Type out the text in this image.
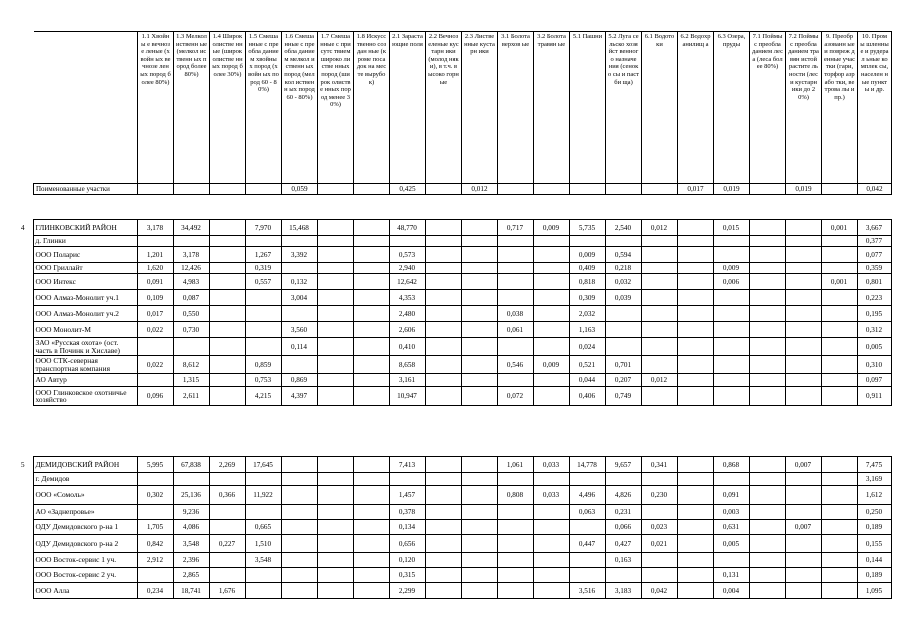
	1.1 Хвойны е вечнозе леные (хвойн ых вечнозе леных пород более 80%)	1.3 Мелкол иственн ые (мелкол иственн ых пород более 80%)	1.4 Широк олистве нные (широк олистве нных пород более 30%)	1.5 Смеша нные с преобла данием хвойны х пород (хвойн ых пород 60 - 80%)	1.6 Смеша нные с преобла данием мелкол иственн ых пород (мелкол иственн ых пород 60 - 80%)	1.7 Смеша нные с присутс твием широко листве нных пород (широк олистве нных пород менее 30%)	1.8 Искусс твенно создан ные (кроме посадок на месте вырубо к)	2.1 Зараста ющие поля	2.2 Вечноз еленые кустарн ики (молод няки), в т.ч. высоко горные	2.3 Листве нные кустарн ики	3.1 Болота верхов ые	3.2 Болота травян ые	5.1 Пашни	5.2 Луга сельско хозяйст венного назначе ния (сеноко сы и пастби ща)	6.1 Водото ки	6.2 Водохр анилищ а	6.3 Озера, пруды	7.1 Поймы с преобла данием леса (леса более 80%)	7.2 Поймы с преобла данием травян истой растите льности (лес и кустарн ики до 20%)	9. Преобр азованн ые и повреж денные участки (гари, торфор азрабо тки, ветрова лы и пр.)	10. Промы шленны е и рудерал ьные комплек сы, населен ные пункты и др.
Поименованные участки					0,059			0,425		0,012						0,017	0,019		0,019		0,042
4	ГЛИНКОВСКИЙ РАЙОН	3,178	34,492		7,970	15,468			48,770			0,717	0,009	5,735	2,540	0,012		0,015			0,001	3,667
	д. Глинки																					0,377
	ООО Поларис	1,201	3,178		1,267	3,392			0,573					0,009	0,594							0,077
	ООО Гриллайт	1,620	12,426		0,319				2,940					0,409	0,218			0,009				0,359
	ООО Интекс	0,091	4,983		0,557	0,132			12,642					0,818	0,032			0,006			0,001	0,801
	ООО Алмаз-Монолит уч.1	0,109	0,087			3,004			4,353					0,309	0,039							0,223
	ООО Алмаз-Монолит уч.2	0,017	0,550						2,480			0,038		2,032								0,195
	ООО Монолит-М	0,022	0,730			3,560			2,606			0,061		1,163								0,312
	ЗАО «Русская охота» (ост. часть в Починк и Хиславе)					0,114			0,410					0,024								0,005
	ООО СТК-северная транспортная компания	0,022	8,612		0,859				8,658			0,546	0,009	0,521	0,701							0,310
	АО Автур		1,315		0,753	0,869			3,161					0,044	0,207	0,012						0,097
	ООО Глинковское охотничье хозяйство	0,096	2,611		4,215	4,397			10,947			0,072		0,406	0,749							0,911
5	ДЕМИДОВСКИЙ РАЙОН	5,995	67,838	2,269	17,645				7,413			1,061	0,033	14,778	9,657	0,341		0,868		0,007		7,475
	г. Демидов																					3,169
	ООО «Сомоль»	0,302	25,136	0,366	11,922				1,457			0,808	0,033	4,496	4,826	0,230		0,091				1,612
	АО «Заднепровье»		9,236						0,378					0,063	0,231			0,003				0,250
	ОДУ Демидовского р-на 1	1,705	4,086		0,665				0,134						0,066	0,023		0,631		0,007		0,189
	ОДУ Демидовского р-на 2	0,842	3,548	0,227	1,510				0,656					0,447	0,427	0,021		0,005				0,155
	ООО Восток-сервис 1 уч.	2,912	2,396		3,548				0,120						0,163							0,144
	ООО Восток-сервис 2 уч.		2,865						0,315									0,131				0,189
	ООО Алла	0,234	18,741	1,676					2,299					3,516	3,183	0,042		0,004				1,095
